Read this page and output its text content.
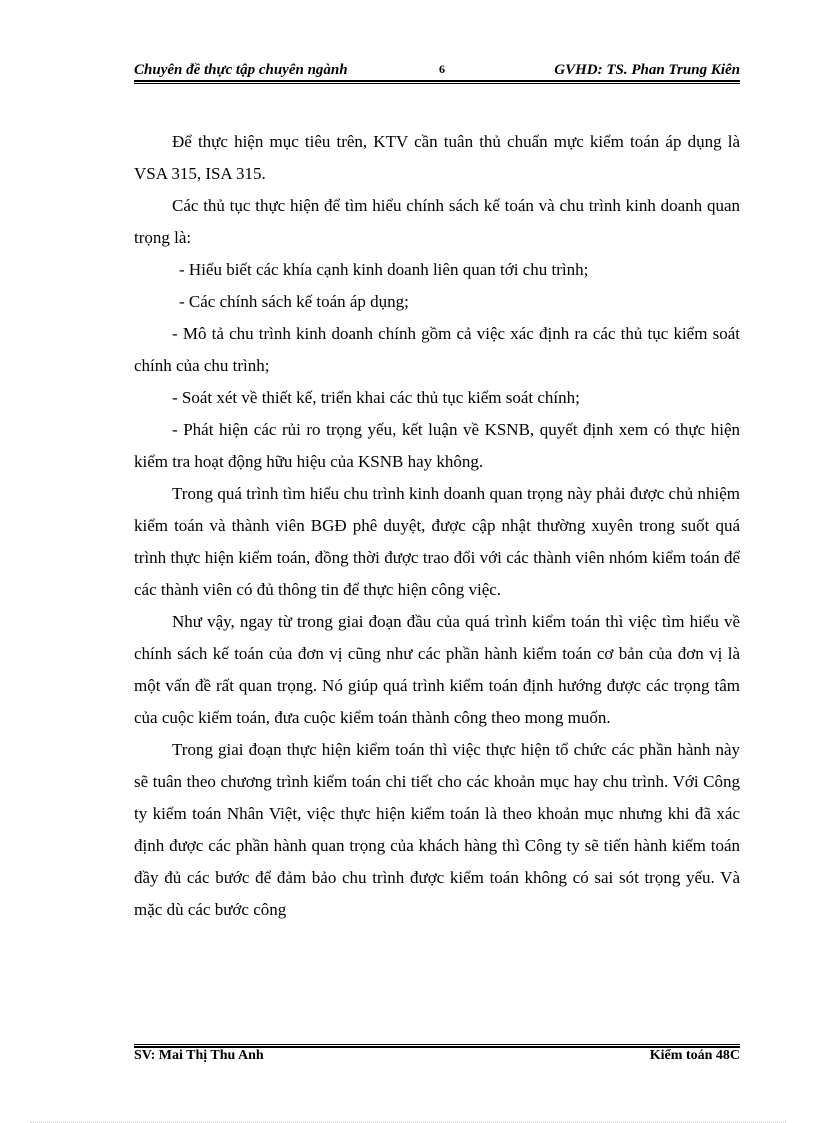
Chuyên đề thực tập chuyên ngành	6	GVHD: TS. Phan Trung Kiên

Để thực hiện mục tiêu trên, KTV cần tuân thủ chuẩn mực kiểm toán áp dụng là VSA 315, ISA 315.

Các thủ tục thực hiện để tìm hiểu chính sách kế toán và chu trình kinh doanh quan trọng là:

- Hiểu biết các khía cạnh kinh doanh liên quan tới chu trình;

- Các chính sách kế toán áp dụng;

- Mô tả chu trình kinh doanh chính gồm cả việc xác định ra các thủ tục kiểm soát chính của chu trình;

- Soát xét về thiết kế, triển khai các thủ tục kiểm soát chính;

- Phát hiện các rủi ro trọng yếu, kết luận về KSNB, quyết định xem có thực hiện kiểm tra hoạt động hữu hiệu của KSNB hay không.

Trong quá trình tìm hiểu chu trình kinh doanh quan trọng này phải được chủ nhiệm kiểm toán và thành viên BGĐ phê duyệt, được cập nhật thường xuyên trong suốt quá trình thực hiện kiểm toán, đồng thời được trao đổi với các thành viên nhóm kiểm toán để các thành viên có đủ thông tin để thực hiện công việc.

Như vậy, ngay từ trong giai đoạn đầu của quá trình kiểm toán thì việc tìm hiểu về chính sách kế toán của đơn vị cũng như các phần hành kiểm toán cơ bản của đơn vị là một vấn đề rất quan trọng. Nó giúp quá trình kiểm toán định hướng được các trọng tâm của cuộc kiểm toán, đưa cuộc kiểm toán thành công theo mong muốn.

Trong giai đoạn thực hiện kiểm toán thì việc thực hiện tổ chức các phần hành này sẽ tuân theo chương trình kiểm toán chi tiết cho các khoản mục hay chu trình. Với Công ty kiểm toán Nhân Việt, việc thực hiện kiểm toán là theo khoản mục nhưng khi đã xác định được các phần hành quan trọng của khách hàng thì Công ty sẽ tiến hành kiểm toán đầy đủ các bước để đảm bảo chu trình được kiểm toán không có sai sót trọng yếu. Và mặc dù các bước công

SV: Mai Thị Thu Anh	Kiểm toán 48C
